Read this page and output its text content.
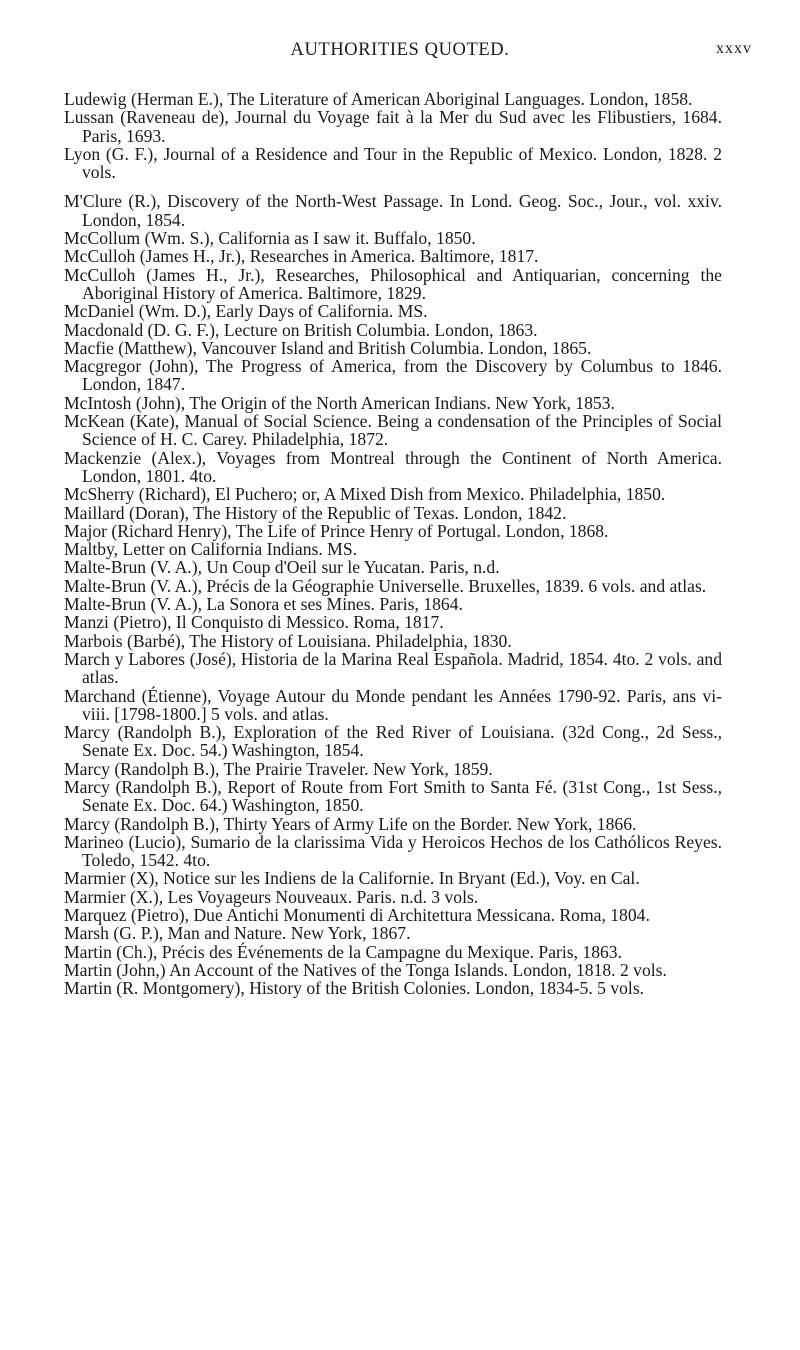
AUTHORITIES QUOTED.	xxxv
Ludewig (Herman E.), The Literature of American Aboriginal Languages. London, 1858.
Lussan (Raveneau de), Journal du Voyage fait à la Mer du Sud avec les Flibustiers, 1684. Paris, 1693.
Lyon (G. F.), Journal of a Residence and Tour in the Republic of Mexico. London, 1828. 2 vols.
M'Clure (R.), Discovery of the North-West Passage. In Lond. Geog. Soc., Jour., vol. xxiv. London, 1854.
McCollum (Wm. S.), California as I saw it. Buffalo, 1850.
McCulloh (James H., Jr.), Researches in America. Baltimore, 1817.
McCulloh (James H., Jr.), Researches, Philosophical and Antiquarian, concerning the Aboriginal History of America. Baltimore, 1829.
McDaniel (Wm. D.), Early Days of California. MS.
Macdonald (D. G. F.), Lecture on British Columbia. London, 1863.
Macfie (Matthew), Vancouver Island and British Columbia. London, 1865.
Macgregor (John), The Progress of America, from the Discovery by Columbus to 1846. London, 1847.
McIntosh (John), The Origin of the North American Indians. New York, 1853.
McKean (Kate), Manual of Social Science. Being a condensation of the Principles of Social Science of H. C. Carey. Philadelphia, 1872.
Mackenzie (Alex.), Voyages from Montreal through the Continent of North America. London, 1801. 4to.
McSherry (Richard), El Puchero; or, A Mixed Dish from Mexico. Philadelphia, 1850.
Maillard (Doran), The History of the Republic of Texas. London, 1842.
Major (Richard Henry), The Life of Prince Henry of Portugal. London, 1868.
Maltby, Letter on California Indians. MS.
Malte-Brun (V. A.), Un Coup d'Oeil sur le Yucatan. Paris, n.d.
Malte-Brun (V. A.), Précis de la Géographie Universelle. Bruxelles, 1839. 6 vols. and atlas.
Malte-Brun (V. A.), La Sonora et ses Mines. Paris, 1864.
Manzi (Pietro), Il Conquisto di Messico. Roma, 1817.
Marbois (Barbé), The History of Louisiana. Philadelphia, 1830.
March y Labores (José), Historia de la Marina Real Española. Madrid, 1854. 4to. 2 vols. and atlas.
Marchand (Étienne), Voyage Autour du Monde pendant les Années 1790-92. Paris, ans vi-viii. [1798-1800.] 5 vols. and atlas.
Marcy (Randolph B.), Exploration of the Red River of Louisiana. (32d Cong., 2d Sess., Senate Ex. Doc. 54.) Washington, 1854.
Marcy (Randolph B.), The Prairie Traveler. New York, 1859.
Marcy (Randolph B.), Report of Route from Fort Smith to Santa Fé. (31st Cong., 1st Sess., Senate Ex. Doc. 64.) Washington, 1850.
Marcy (Randolph B.), Thirty Years of Army Life on the Border. New York, 1866.
Marineo (Lucio), Sumario de la clarissima Vida y Heroicos Hechos de los Cathólicos Reyes. Toledo, 1542. 4to.
Marmier (X), Notice sur les Indiens de la Californie. In Bryant (Ed.), Voy. en Cal.
Marmier (X.), Les Voyageurs Nouveaux. Paris. n.d. 3 vols.
Marquez (Pietro), Due Antichi Monumenti di Architettura Messicana. Roma, 1804.
Marsh (G. P.), Man and Nature. New York, 1867.
Martin (Ch.), Précis des Événements de la Campagne du Mexique. Paris, 1863.
Martin (John,) An Account of the Natives of the Tonga Islands. London, 1818. 2 vols.
Martin (R. Montgomery), History of the British Colonies. London, 1834-5. 5 vols.
